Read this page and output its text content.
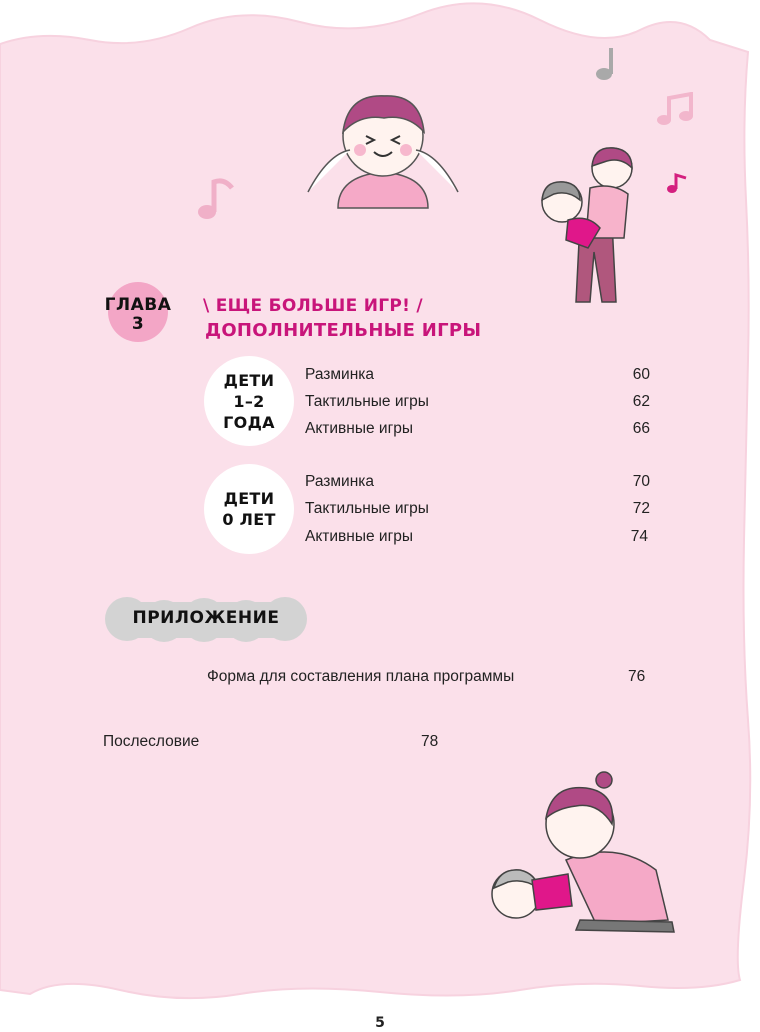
ГЛАВА
3
\ ЕЩЕ БОЛЬШЕ ИГР! /
ДОПОЛНИТЕЛЬНЫЕ ИГРЫ
ДЕТИ
1–2
ГОДА
Разминка	60
Тактильные игры	62
Активные игры	66
ДЕТИ
0 ЛЕТ
Разминка	70
Тактильные игры	72
Активные игры	74
ПРИЛОЖЕНИЕ
Форма для составления плана программы	76
Послесловие	78
5
